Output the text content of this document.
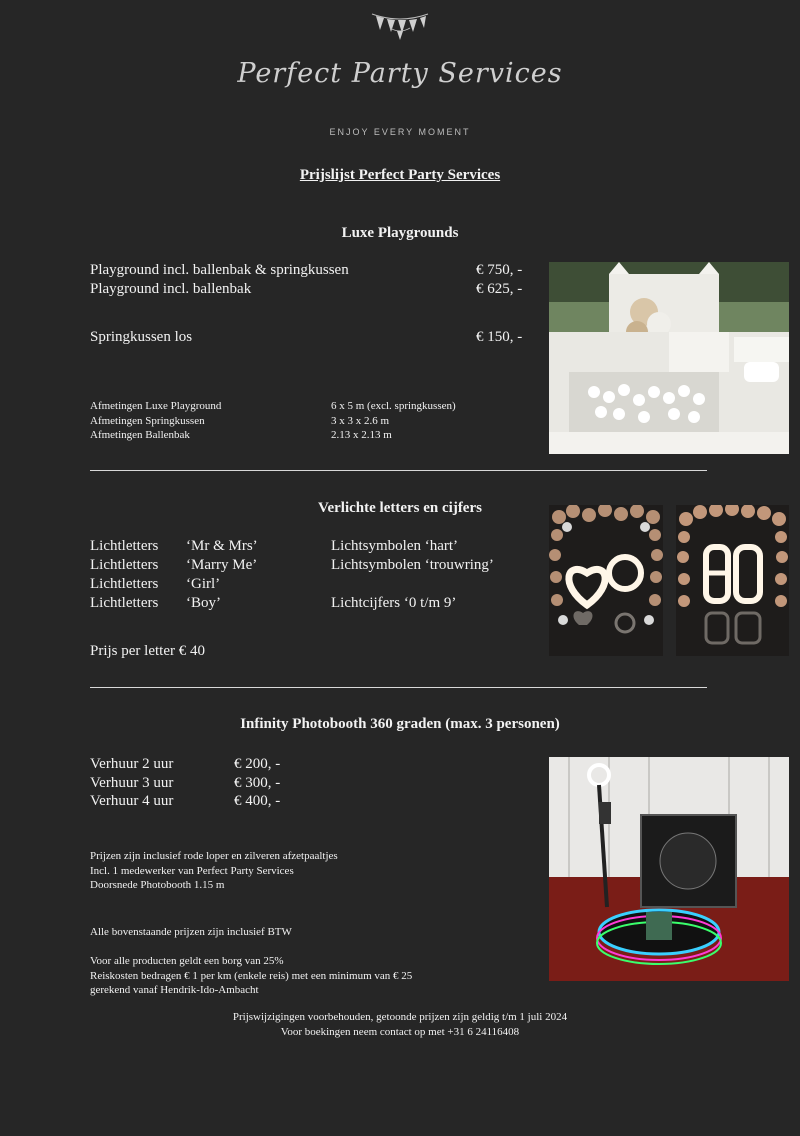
Perfect Party Services
ENJOY EVERY MOMENT
Prijslijst Perfect Party Services
Luxe Playgrounds
Playground incl. ballenbak & springkussen	€ 750, -
Playground incl. ballenbak	€ 625, -
Springkussen los	€ 150, -
Afmetingen Luxe Playground	6 x 5 m (excl. springkussen)
Afmetingen Springkussen	3 x 3 x 2.6 m
Afmetingen Ballenbak	2.13 x 2.13 m
Verlichte letters en cijfers
Lichtletters ‘Mr & Mrs’	Lichtsymbolen ‘hart’
Lichtletters ‘Marry Me’	Lichtsymbolen ‘trouwring’
Lichtletters ‘Girl’
Lichtletters ‘Boy’	Lichtcijfers ‘0 t/m 9’
Prijs per letter € 40
Infinity Photobooth 360 graden (max. 3 personen)
Verhuur 2 uur	€ 200, -
Verhuur 3 uur	€ 300, -
Verhuur 4 uur	€ 400, -
Prijzen zijn inclusief rode loper en zilveren afzetpaaltjes
Incl. 1 medewerker van Perfect Party Services
Doorsnede Photobooth 1.15 m
Alle bovenstaande prijzen zijn inclusief BTW
Voor alle producten geldt een borg van 25%
Reiskosten bedragen € 1 per km (enkele reis) met een minimum van € 25
gerekend vanaf Hendrik-Ido-Ambacht
Prijswijzigingen voorbehouden, getoonde prijzen zijn geldig t/m 1 juli 2024
Voor boekingen neem contact op met +31 6 24116408
